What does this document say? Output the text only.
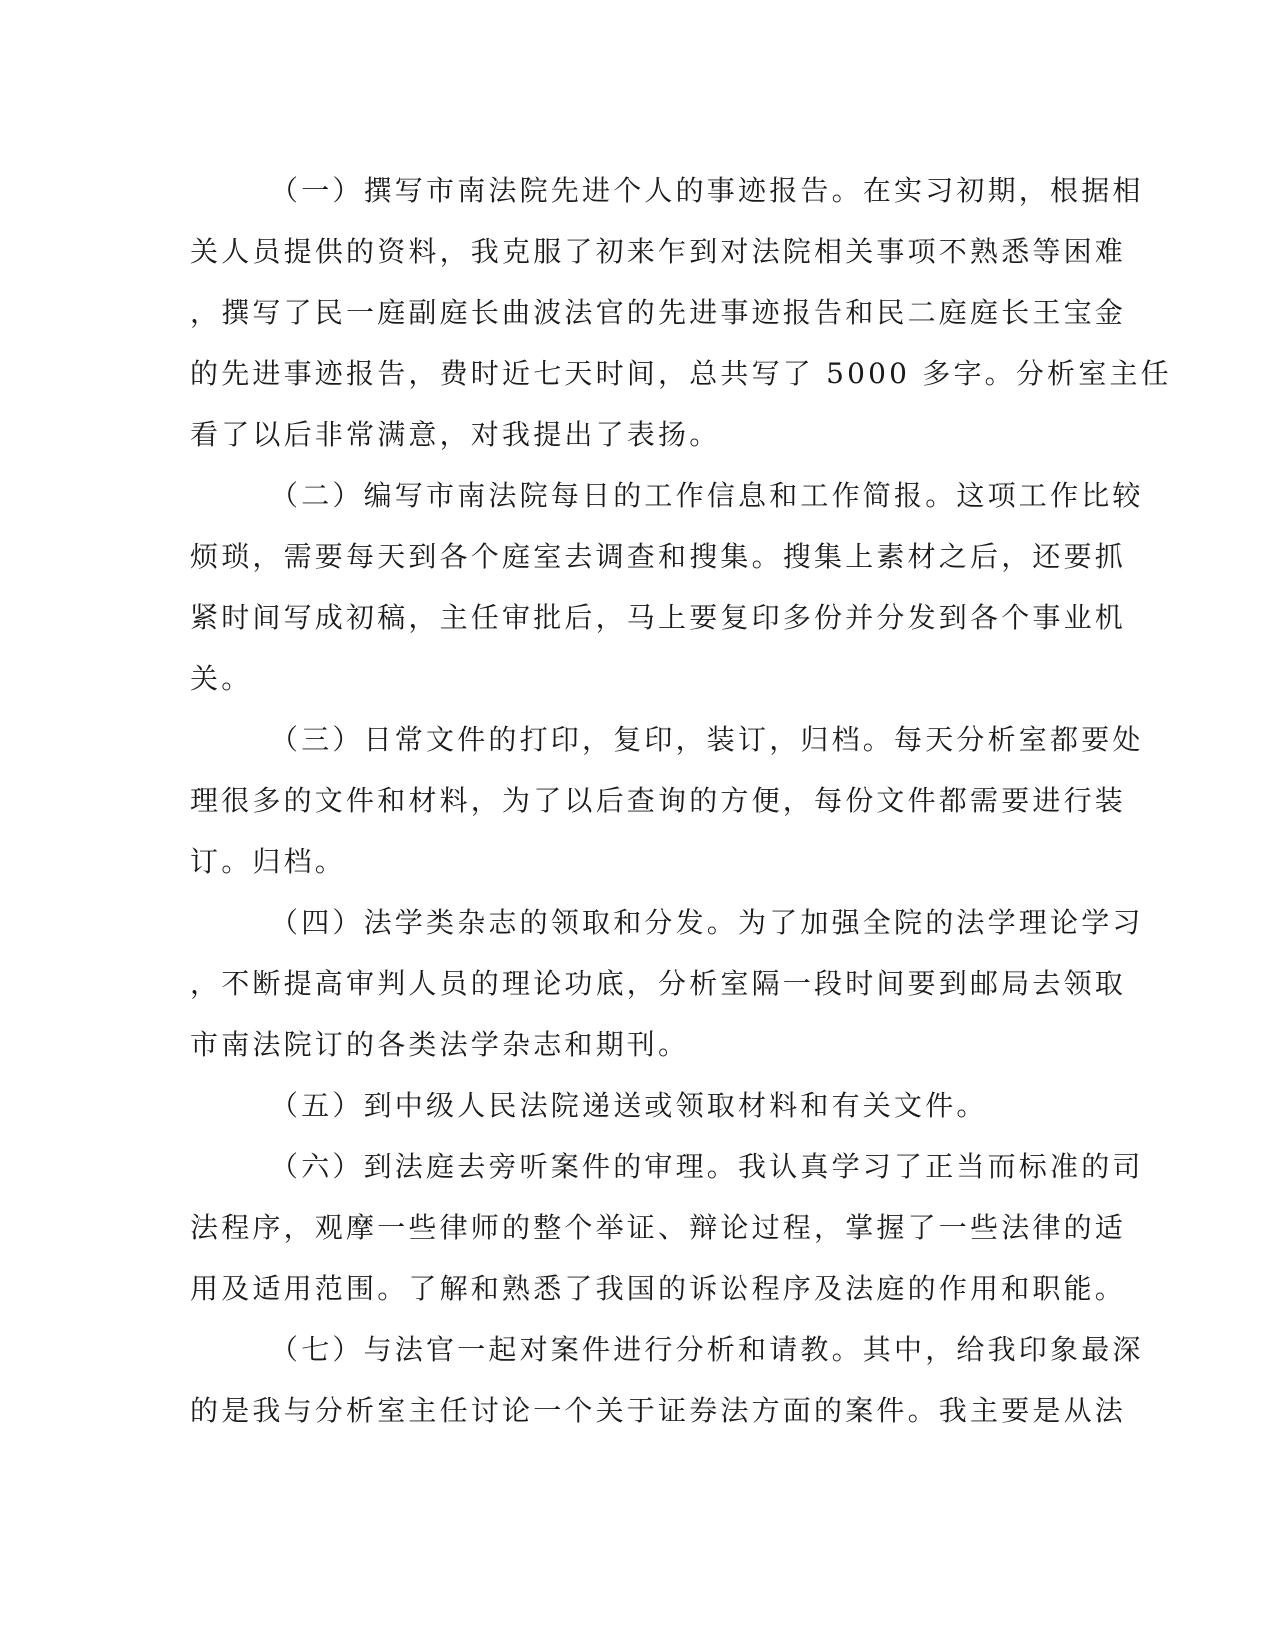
（一）撰写市南法院先进个人的事迹报告。在实习初期，根据相
关人员提供的资料，我克服了初来乍到对法院相关事项不熟悉等困难
，撰写了民一庭副庭长曲波法官的先进事迹报告和民二庭庭长王宝金
的先进事迹报告，费时近七天时间，总共写了 5000 多字。分析室主任
看了以后非常满意，对我提出了表扬。
（二）编写市南法院每日的工作信息和工作简报。这项工作比较
烦琐，需要每天到各个庭室去调查和搜集。搜集上素材之后，还要抓
紧时间写成初稿，主任审批后，马上要复印多份并分发到各个事业机
关。
（三）日常文件的打印，复印，装订，归档。每天分析室都要处
理很多的文件和材料，为了以后查询的方便，每份文件都需要进行装
订。归档。
（四）法学类杂志的领取和分发。为了加强全院的法学理论学习
，不断提高审判人员的理论功底，分析室隔一段时间要到邮局去领取
市南法院订的各类法学杂志和期刊。
（五）到中级人民法院递送或领取材料和有关文件。
（六）到法庭去旁听案件的审理。我认真学习了正当而标准的司
法程序，观摩一些律师的整个举证、辩论过程，掌握了一些法律的适
用及适用范围。了解和熟悉了我国的诉讼程序及法庭的作用和职能。
（七）与法官一起对案件进行分析和请教。其中，给我印象最深
的是我与分析室主任讨论一个关于证券法方面的案件。我主要是从法
